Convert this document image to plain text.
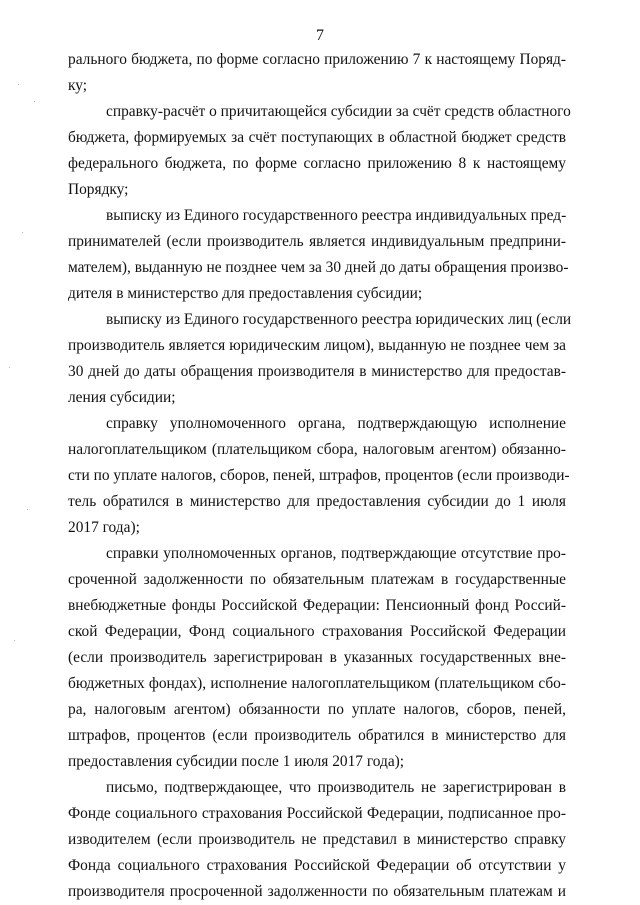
7
рального бюджета, по форме согласно приложению 7 к настоящему Поряд-
ку;
справку-расчёт о причитающейся субсидии за счёт средств областного
бюджета, формируемых за счёт поступающих в областной бюджет средств
федерального бюджета, по форме согласно приложению 8 к настоящему
Порядку;
выписку из Единого государственного реестра индивидуальных пред-
принимателей (если производитель является индивидуальным предприни-
мателем), выданную не позднее чем за 30 дней до даты обращения произво-
дителя в министерство для предоставления субсидии;
выписку из Единого государственного реестра юридических лиц (если
производитель является юридическим лицом), выданную не позднее чем за
30 дней до даты обращения производителя в министерство для предостав-
ления субсидии;
справку уполномоченного органа, подтверждающую исполнение
налогоплательщиком (плательщиком сбора, налоговым агентом) обязанно-
сти по уплате налогов, сборов, пеней, штрафов, процентов (если производи-
тель обратился в министерство для предоставления субсидии до 1 июля
2017 года);
справки уполномоченных органов, подтверждающие отсутствие про-
сроченной задолженности по обязательным платежам в государственные
внебюджетные фонды Российской Федерации: Пенсионный фонд Россий-
ской Федерации, Фонд социального страхования Российской Федерации
(если производитель зарегистрирован в указанных государственных вне-
бюджетных фондах), исполнение налогоплательщиком (плательщиком сбо-
ра, налоговым агентом) обязанности по уплате налогов, сборов, пеней,
штрафов, процентов (если производитель обратился в министерство для
предоставления субсидии после 1 июля 2017 года);
письмо, подтверждающее, что производитель не зарегистрирован в
Фонде социального страхования Российской Федерации, подписанное про-
изводителем (если производитель не представил в министерство справку
Фонда социального страхования Российской Федерации об отсутствии у
производителя просроченной задолженности по обязательным платежам и
